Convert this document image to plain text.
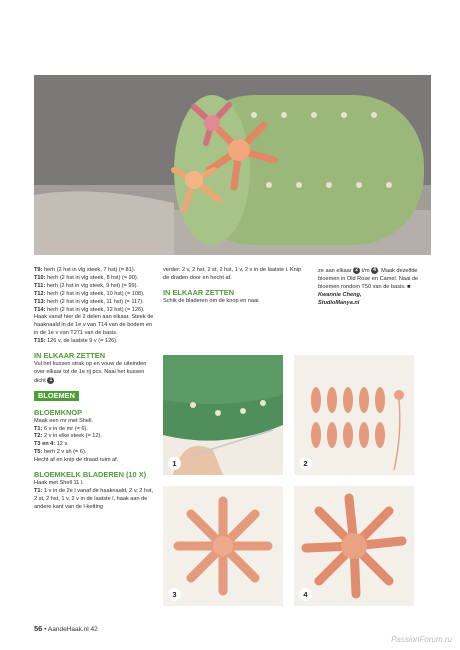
T9: herh (2 hst in vlg steek, 7 hst) (= 81).

T10: herh (2 hst in vlg steek, 8 hst) (= 90).

T11: herh (2 hst in vlg steek, 9 hst) (= 99).

T12: herh (2 hst in vlg steek, 10 hst) (= 108).

T13: herh (2 hst in vlg steek, 11 hst) (= 117).

T14: herh (2 hst in vlg steek, 12 hst) (= 126).

Haak vanaf hier de 2 delen aan elkaar. Steek de haaknaald in de 1e v van T14 van de bodem en in de 1e v van T271 van de basis.

T15: 126 v, de laatste 9 v (= 126).

IN ELKAAR ZETTEN

Vul het kussen strak op en vouw de uiteinden over elkaar tot de 1e rij pcs. Naai het kussen dicht 1

BLOEMEN
BLOEMKNOP

Maak een mr met Shell.

T1: 6 v in de mr (= 6).

T2: 2 v in elke steek (= 12).

T3 en 4: 12 v.

T5: herh 2 v sh (= 6).

Hecht af en knip de draad ruim af.

BLOEMKELK BLADEREN (10 X)

Haak met Shell 11 l.

T1: 1 v in de 2e l vanaf de haaknaald, 2 v, 2 hst, 2 st, 2 hst, 1 v, 2 v in de laatste l, haak aan de andere kant van de l-ketting

verder: 2 v, 2 hst, 2 st, 2 hst, 1 v, 2 v in de laatste l. Knip de draden door en hecht af.

IN ELKAAR ZETTEN

Schik de bladeren om de knop en naai

ze aan elkaar 2 t/m 4 . Maak dezelfde bloemen in Old Rose en Camel. Naai de bloemen rondom T50 van de basis. ■

Kwannie Cheng,

StudioManya.nl

1	2
3	4
56 • AandeHaak.nl 42
PassionForum.ru
